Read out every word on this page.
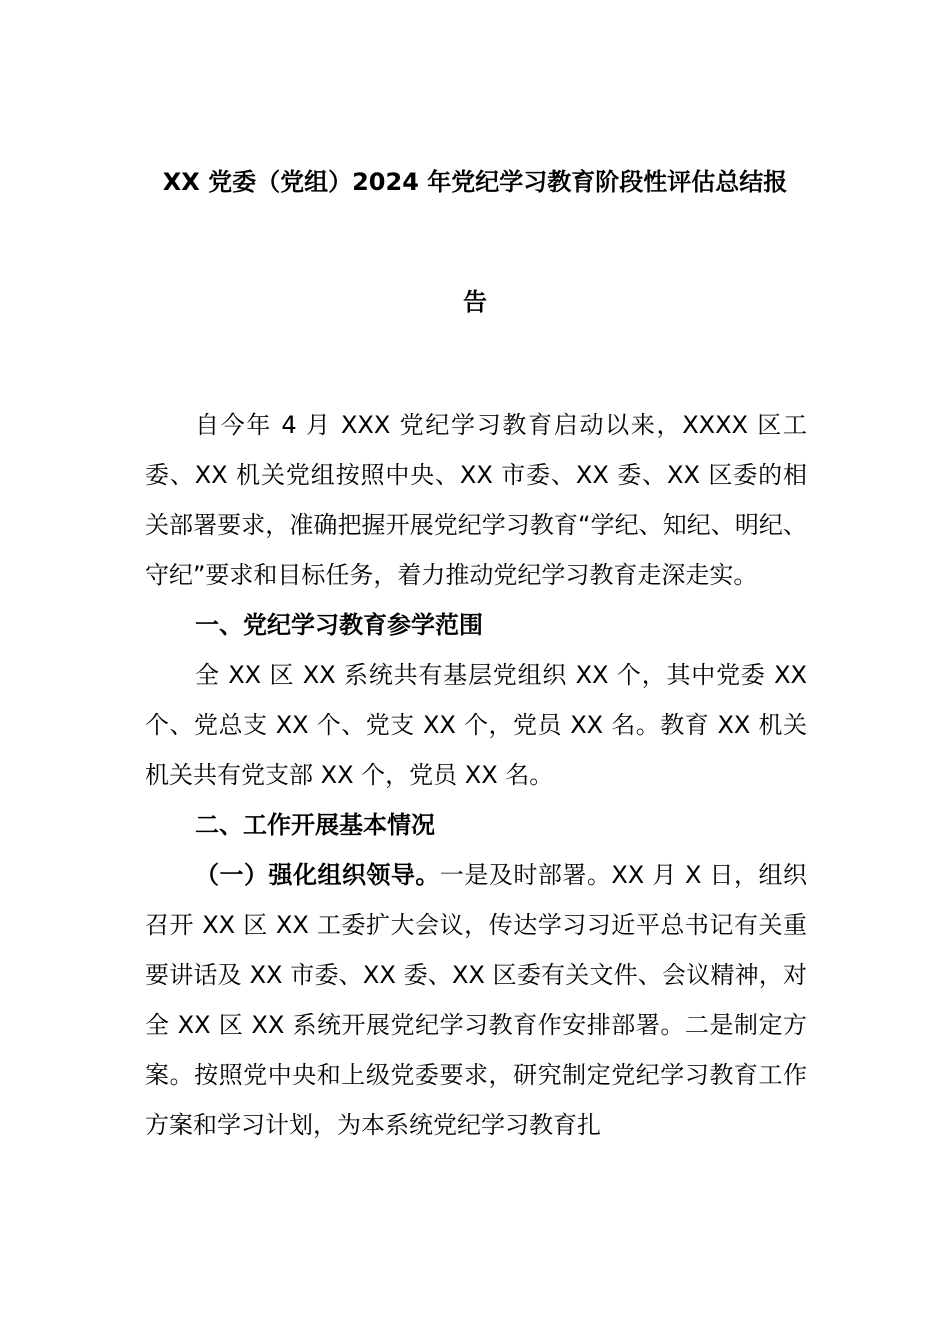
XX 党委（党组）2024 年党纪学习教育阶段性评估总结报
告

自今年 4 月 XXX 党纪学习教育启动以来，XXXX 区工委、XX 机关党组按照中央、XX 市委、XX 委、XX 区委的相关部署要求，准确把握开展党纪学习教育“学纪、知纪、明纪、守纪”要求和目标任务，着力推动党纪学习教育走深走实。

一、党纪学习教育参学范围

全 XX 区 XX 系统共有基层党组织 XX 个，其中党委 XX 个、党总支 XX 个、党支 XX 个，党员 XX 名。教育 XX 机关机关共有党支部 XX 个，党员 XX 名。

二、工作开展基本情况

（一）强化组织领导。一是及时部署。XX 月 X 日，组织召开 XX 区 XX 工委扩大会议，传达学习习近平总书记有关重要讲话及 XX 市委、XX 委、XX 区委有关文件、会议精神，对全 XX 区 XX 系统开展党纪学习教育作安排部署。二是制定方案。按照党中央和上级党委要求，研究制定党纪学习教育工作方案和学习计划，为本系统党纪学习教育扎
